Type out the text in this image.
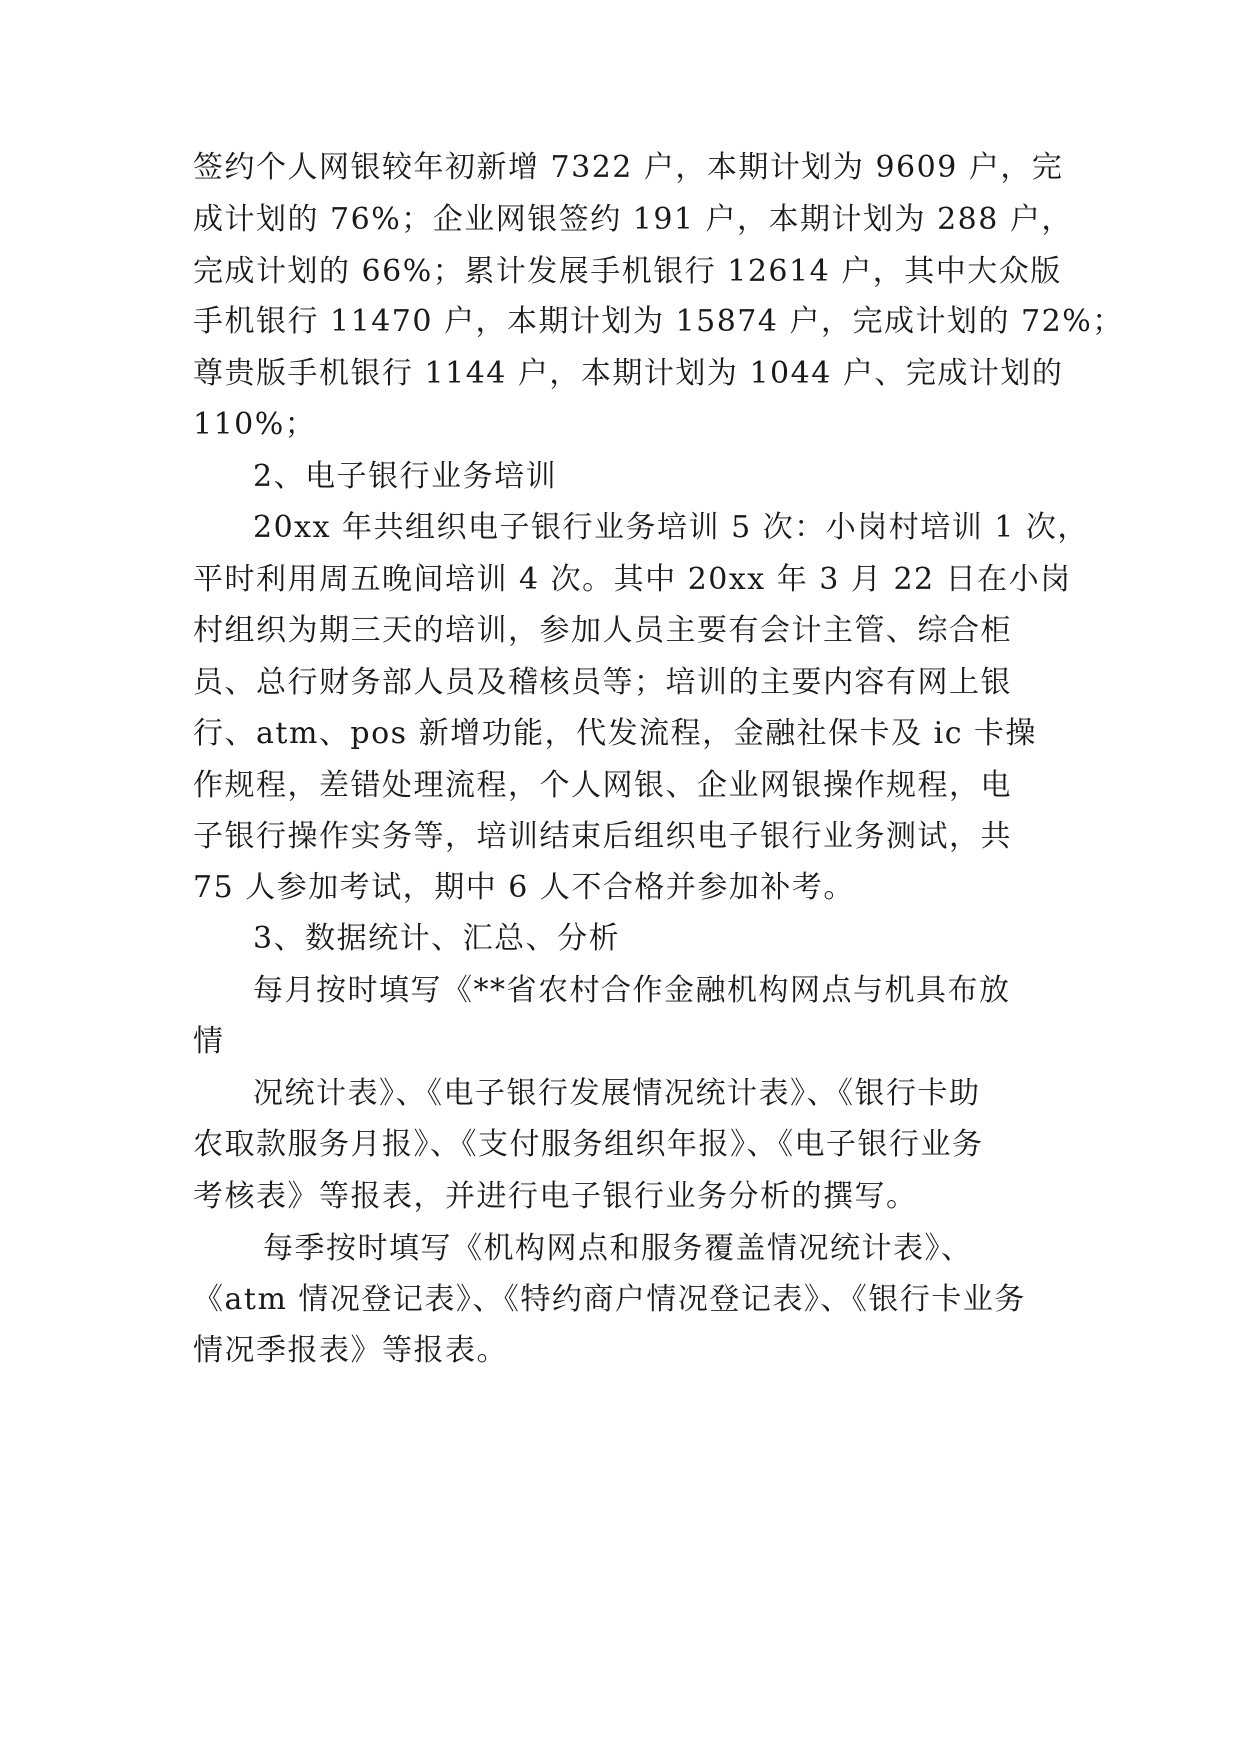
签约个人网银较年初新增 7322 户，本期计划为 9609 户，完
成计划的 76%；企业网银签约 191 户，本期计划为 288 户，
完成计划的 66%；累计发展手机银行 12614 户，其中大众版
手机银行 11470 户，本期计划为 15874 户，完成计划的 72%；
尊贵版手机银行 1144 户，本期计划为 1044 户、完成计划的
110%；
2、电子银行业务培训
20xx 年共组织电子银行业务培训 5 次：小岗村培训 1 次，
平时利用周五晚间培训 4 次。其中 20xx 年 3 月 22 日在小岗
村组织为期三天的培训，参加人员主要有会计主管、综合柜
员、总行财务部人员及稽核员等；培训的主要内容有网上银
行、atm、pos 新增功能，代发流程，金融社保卡及 ic 卡操
作规程，差错处理流程，个人网银、企业网银操作规程，电
子银行操作实务等，培训结束后组织电子银行业务测试，共
75 人参加考试，期中 6 人不合格并参加补考。
3、数据统计、汇总、分析
每月按时填写《**省农村合作金融机构网点与机具布放
情
况统计表》、《电子银行发展情况统计表》、《银行卡助
农取款服务月报》、《支付服务组织年报》、《电子银行业务
考核表》等报表，并进行电子银行业务分析的撰写。
每季按时填写《机构网点和服务覆盖情况统计表》、
《atm 情况登记表》、《特约商户情况登记表》、《银行卡业务
情况季报表》等报表。
